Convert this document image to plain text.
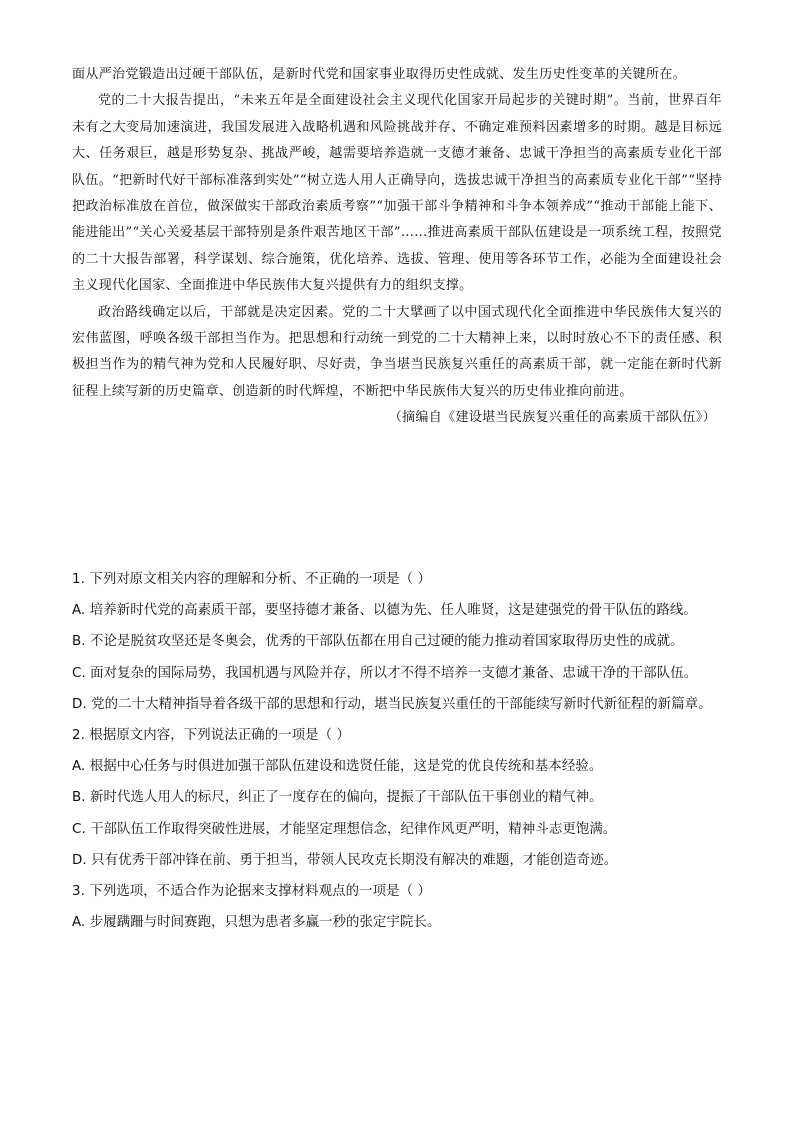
面从严治党锻造出过硬干部队伍，是新时代党和国家事业取得历史性成就、发生历史性变革的关键所在。

党的二十大报告提出，“未来五年是全面建设社会主义现代化国家开局起步的关键时期”。当前，世界百年未有之大变局加速演进，我国发展进入战略机遇和风险挑战并存、不确定难预料因素增多的时期。越是目标远大、任务艰巨，越是形势复杂、挑战严峻，越需要培养造就一支德才兼备、忠诚干净担当的高素质专业化干部队伍。“把新时代好干部标准落到实处”“树立选人用人正确导向，选拔忠诚干净担当的高素质专业化干部”“坚持把政治标准放在首位，做深做实干部政治素质考察”“加强干部斗争精神和斗争本领养成”“推动干部能上能下、能进能出”“关心关爱基层干部特别是条件艰苦地区干部”……推进高素质干部队伍建设是一项系统工程，按照党的二十大报告部署，科学谋划、综合施策，优化培养、选拔、管理、使用等各环节工作，必能为全面建设社会主义现代化国家、全面推进中华民族伟大复兴提供有力的组织支撑。

政治路线确定以后，干部就是决定因素。党的二十大擘画了以中国式现代化全面推进中华民族伟大复兴的宏伟蓝图，呼唤各级干部担当作为。把思想和行动统一到党的二十大精神上来，以时时放心不下的责任感、积极担当作为的精气神为党和人民履好职、尽好责，争当堪当民族复兴重任的高素质干部，就一定能在新时代新征程上续写新的历史篇章、创造新的时代辉煌，不断把中华民族伟大复兴的历史伟业推向前进。

（摘编自《建设堪当民族复兴重任的高素质干部队伍》）

1. 下列对原文相关内容的理解和分析、不正确的一项是（ ）

A. 培养新时代党的高素质干部，要坚持德才兼备、以德为先、任人唯贤，这是建强党的骨干队伍的路线。

B. 不论是脱贫攻坚还是冬奥会，优秀的干部队伍都在用自己过硬的能力推动着国家取得历史性的成就。

C. 面对复杂的国际局势，我国机遇与风险并存，所以才不得不培养一支德才兼备、忠诚干净的干部队伍。

D. 党的二十大精神指导着各级干部的思想和行动，堪当民族复兴重任的干部能续写新时代新征程的新篇章。

2. 根据原文内容，下列说法正确的一项是（ ）

A. 根据中心任务与时俱进加强干部队伍建设和选贤任能，这是党的优良传统和基本经验。

B. 新时代选人用人的标尺，纠正了一度存在的偏向，提振了干部队伍干事创业的精气神。

C. 干部队伍工作取得突破性进展，才能坚定理想信念，纪律作风更严明，精神斗志更饱满。

D. 只有优秀干部冲锋在前、勇于担当，带领人民攻克长期没有解决的难题，才能创造奇迹。

3. 下列选项，不适合作为论据来支撑材料观点的一项是（ ）

A. 步履蹒跚与时间赛跑，只想为患者多赢一秒的张定宇院长。
